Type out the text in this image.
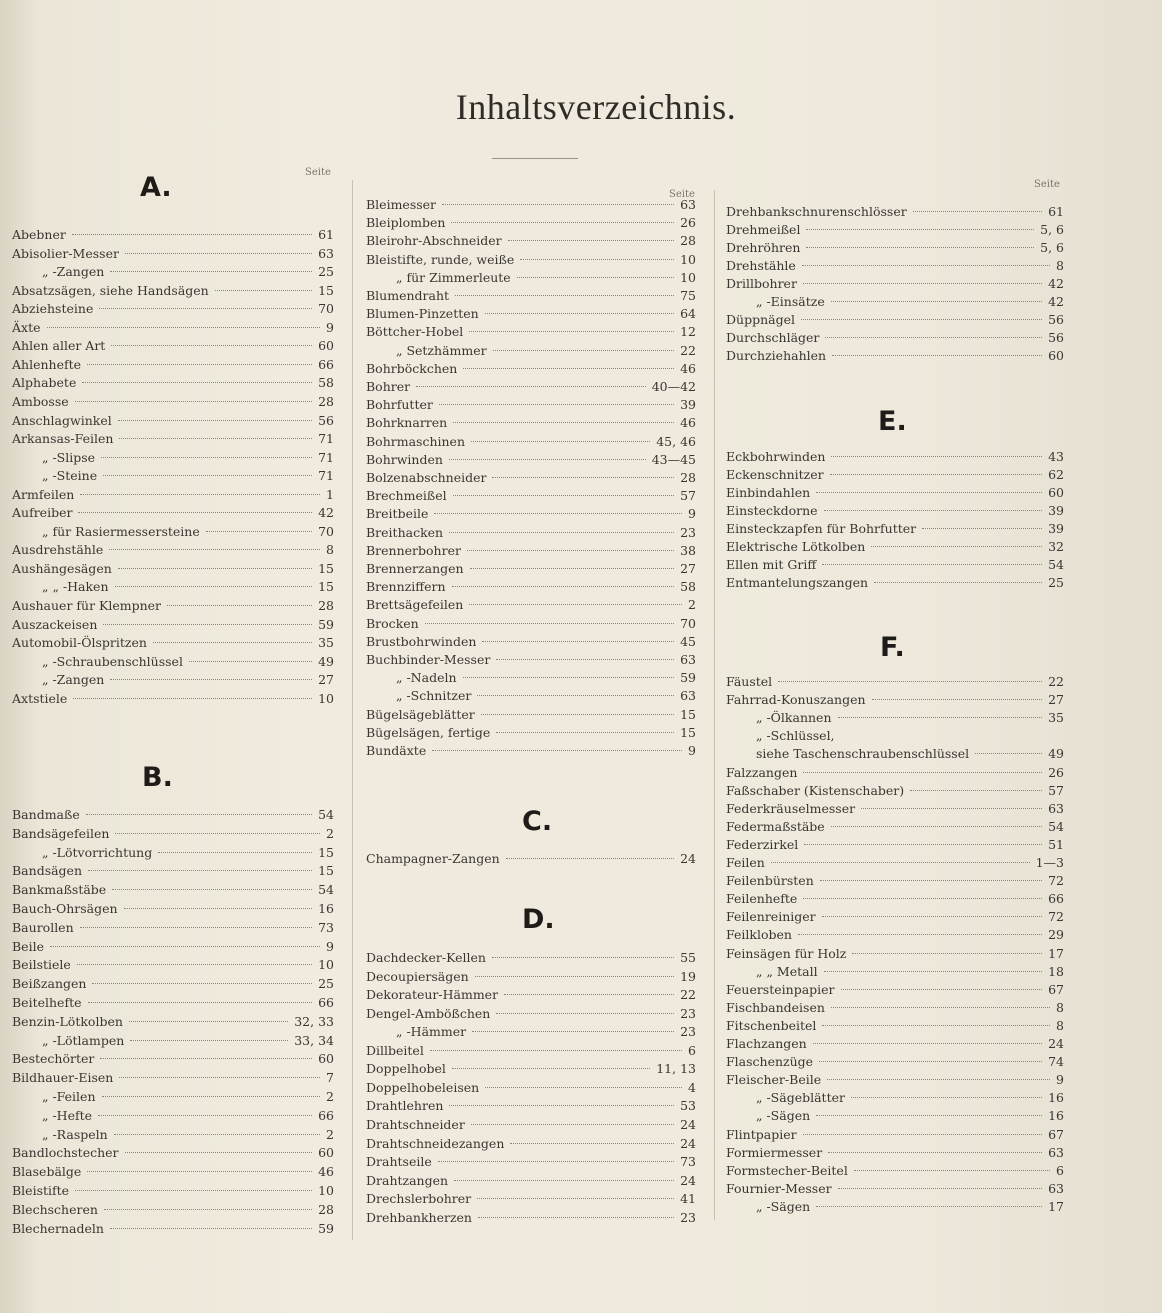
Inhaltsverzeichnis.
Seite
A.
Abebner	61
Abisolier-Messer	63
„ -Zangen	25
Absatzsägen, siehe Handsägen	15
Abziehsteine	70
Äxte	9
Ahlen aller Art	60
Ahlenhefte	66
Alphabete	58
Ambosse	28
Anschlagwinkel	56
Arkansas-Feilen	71
„ -Slipse	71
„ -Steine	71
Armfeilen	1
Aufreiber	42
„ für Rasiermessersteine	70
Ausdrehstähle	8
Aushängesägen	15
„ „ -Haken	15
Aushauer für Klempner	28
Auszackeisen	59
Automobil-Ölspritzen	35
„ -Schraubenschlüssel	49
„ -Zangen	27
Axtstiele	10
B.
Bandmaße	54
Bandsägefeilen	2
„ -Lötvorrichtung	15
Bandsägen	15
Bankmaßstäbe	54
Bauch-Ohrsägen	16
Baurollen	73
Beile	9
Beilstiele	10
Beißzangen	25
Beitelhefte	66
Benzin-Lötkolben	32, 33
„ -Lötlampen	33, 34
Bestechörter	60
Bildhauer-Eisen	7
„ -Feilen	2
„ -Hefte	66
„ -Raspeln	2
Bandlochstecher	60
Blasebälge	46
Bleistifte	10
Blechscheren	28
Blechernadeln	59
Seite
Bleimesser	63
Bleiplomben	26
Bleirohr-Abschneider	28
Bleistifte, runde, weiße	10
„ für Zimmerleute	10
Blumendraht	75
Blumen-Pinzetten	64
Böttcher-Hobel	12
„ Setzhämmer	22
Bohrböckchen	46
Bohrer	40—42
Bohrfutter	39
Bohrknarren	46
Bohrmaschinen	45, 46
Bohrwinden	43—45
Bolzenabschneider	28
Brechmeißel	57
Breitbeile	9
Breithacken	23
Brennerbohrer	38
Brennerzangen	27
Brennziffern	58
Brettsägefeilen	2
Brocken	70
Brustbohrwinden	45
Buchbinder-Messer	63
„ -Nadeln	59
„ -Schnitzer	63
Bügelsägeblätter	15
Bügelsägen, fertige	15
Bundäxte	9
C.
Champagner-Zangen	24
D.
Dachdecker-Kellen	55
Decoupiersägen	19
Dekorateur-Hämmer	22
Dengel-Ambößchen	23
„ -Hämmer	23
Dillbeitel	6
Doppelhobel	11, 13
Doppelhobeleisen	4
Drahtlehren	53
Drahtschneider	24
Drahtschneidezangen	24
Drahtseile	73
Drahtzangen	24
Drechslerbohrer	41
Drehbankherzen	23
Seite
Drehbankschnurenschlösser	61
Drehmeißel	5, 6
Drehröhren	5, 6
Drehstähle	8
Drillbohrer	42
„ -Einsätze	42
Düppnägel	56
Durchschläger	56
Durchziehahlen	60
E.
Eckbohrwinden	43
Eckenschnitzer	62
Einbindahlen	60
Einsteckdorne	39
Einsteckzapfen für Bohrfutter	39
Elektrische Lötkolben	32
Ellen mit Griff	54
Entmantelungszangen	25
F.
Fäustel	22
Fahrrad-Konuszangen	27
„ -Ölkannen	35
„ -Schlüssel,
siehe Taschenschraubenschlüssel	49
Falzzangen	26
Faßschaber (Kistenschaber)	57
Federkräuselmesser	63
Federmaßstäbe	54
Federzirkel	51
Feilen	1—3
Feilenbürsten	72
Feilenhefte	66
Feilenreiniger	72
Feilkloben	29
Feinsägen für Holz	17
„ „ Metall	18
Feuersteinpapier	67
Fischbandeisen	8
Fitschenbeitel	8
Flachzangen	24
Flaschenzüge	74
Fleischer-Beile	9
„ -Sägeblätter	16
„ -Sägen	16
Flintpapier	67
Formiermesser	63
Formstecher-Beitel	6
Fournier-Messer	63
„ -Sägen	17
